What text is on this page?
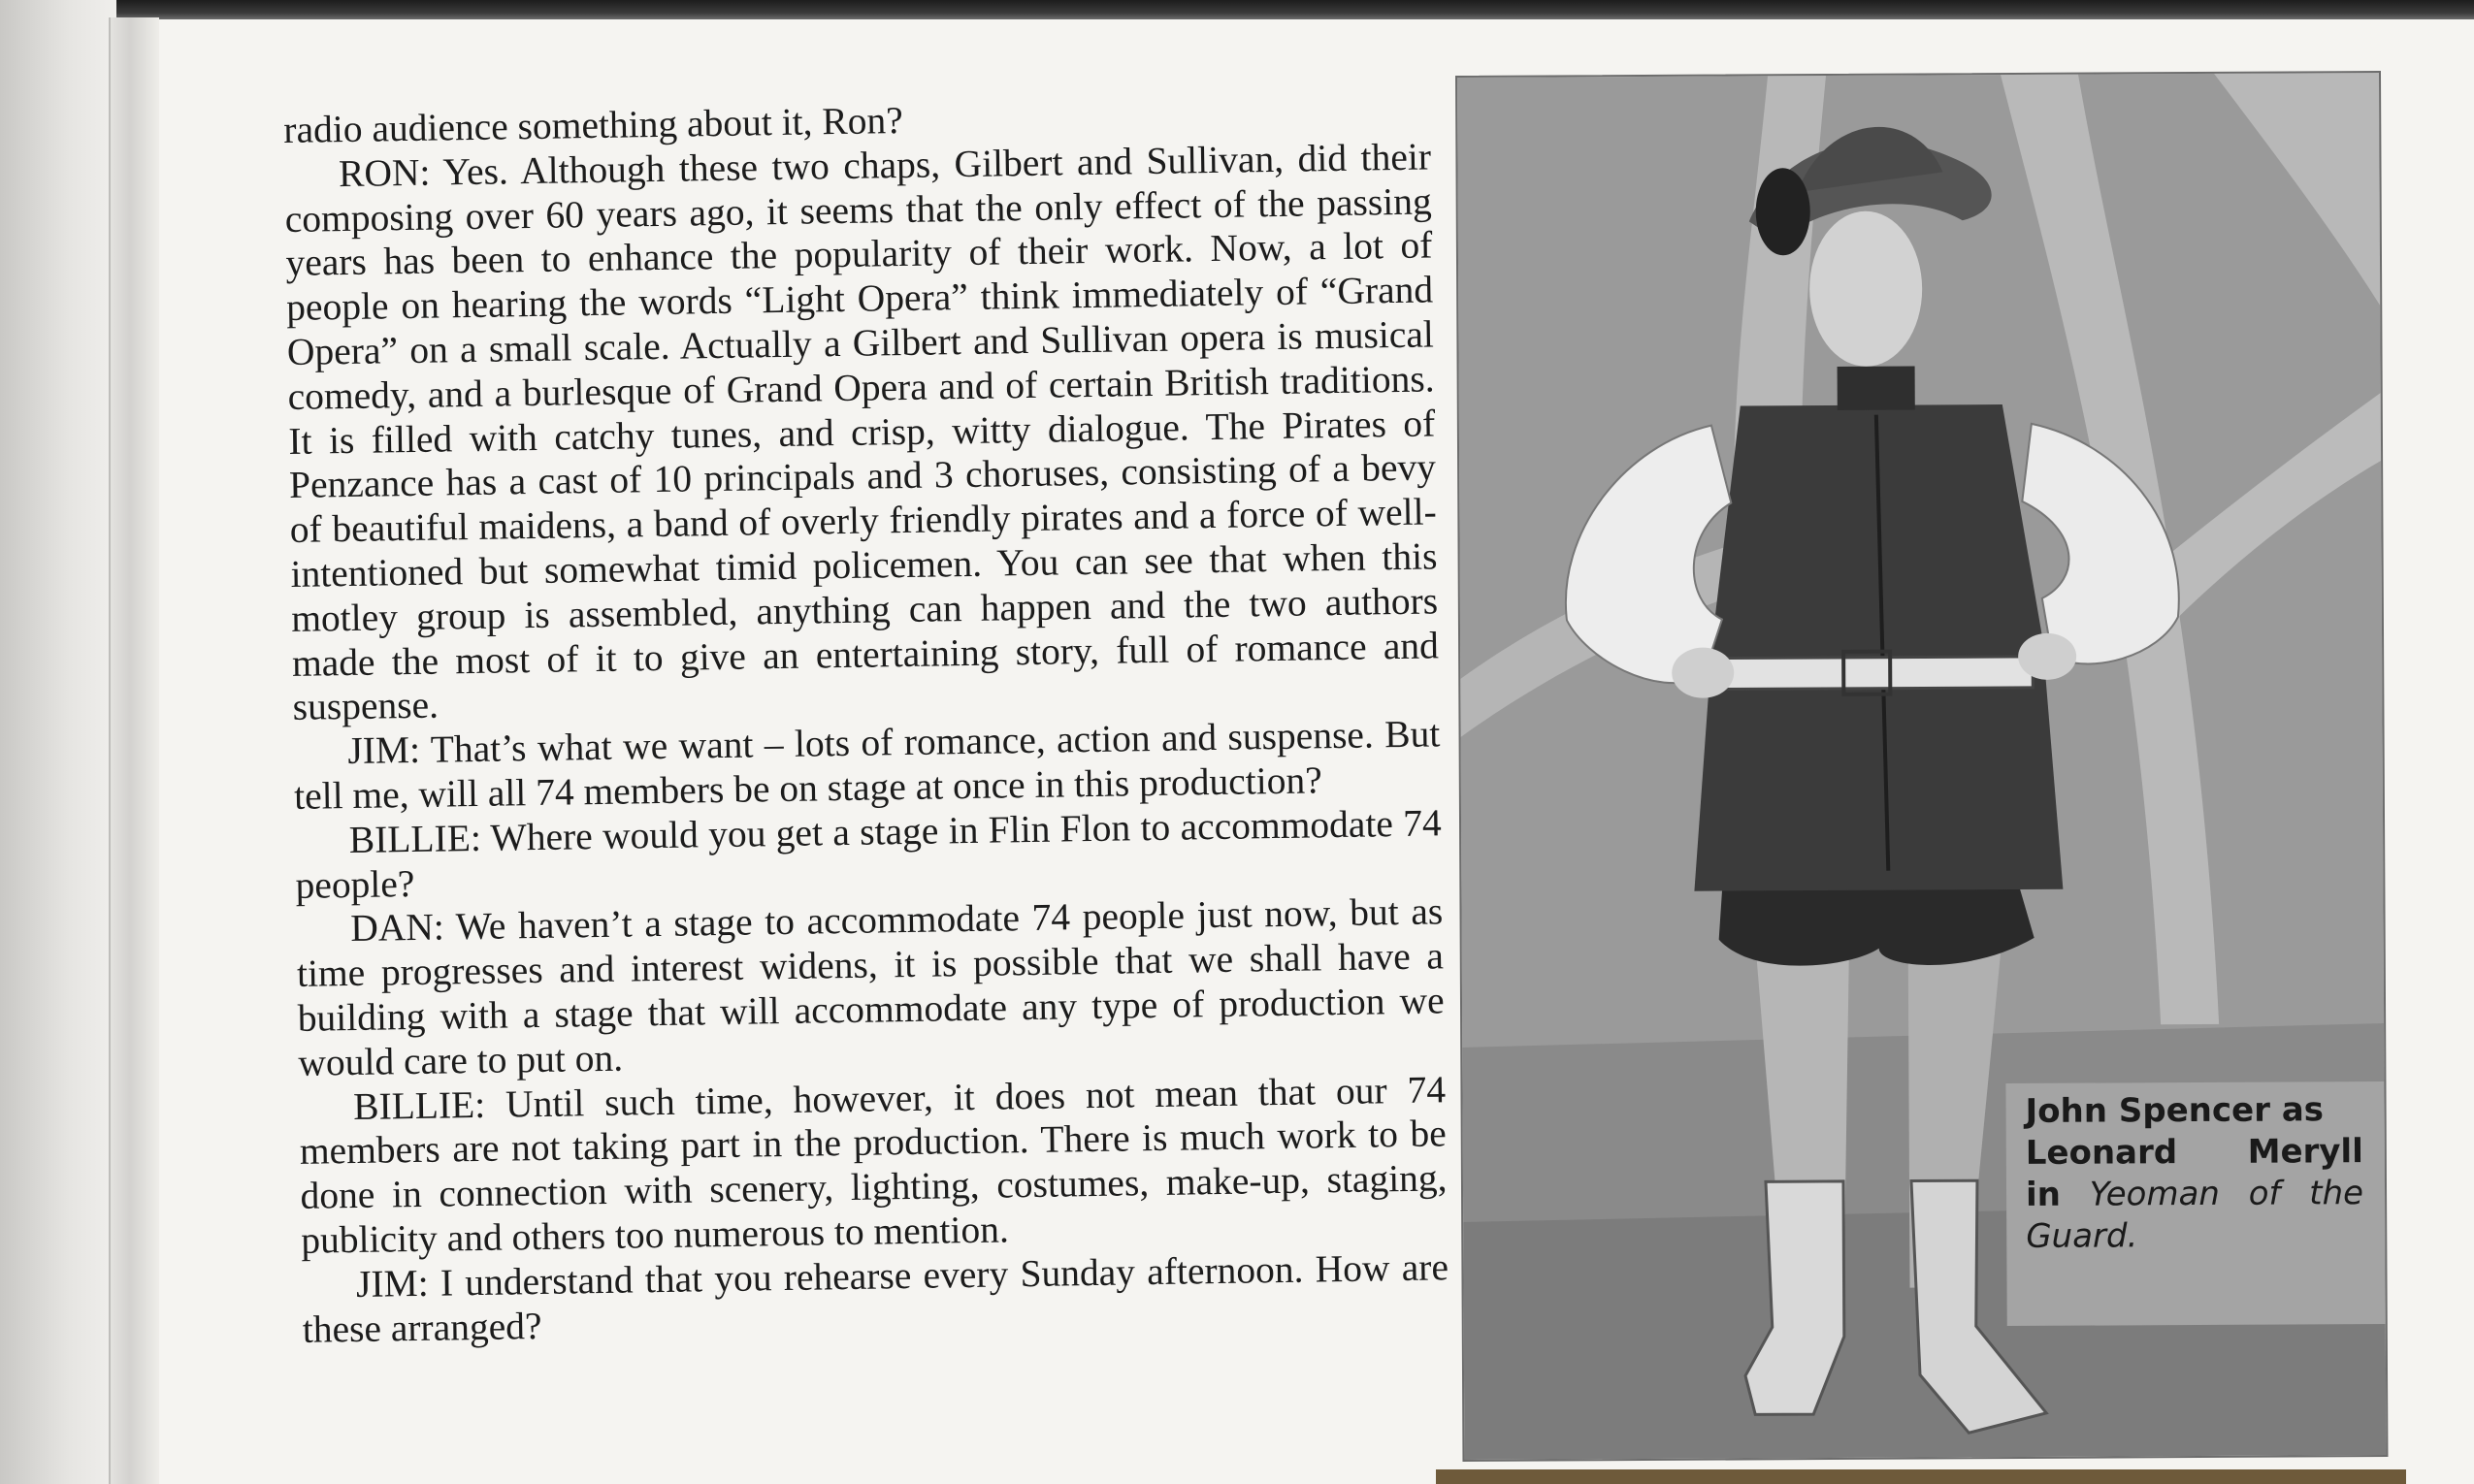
radio audience something about it, Ron?

RON: Yes. Although these two chaps, Gilbert and Sullivan, did their composing over 60 years ago, it seems that the only effect of the passing years has been to enhance the popularity of their work. Now, a lot of people on hearing the words “Light Opera” think immediately of “Grand Opera” on a small scale. Actually a Gilbert and Sullivan opera is musical comedy, and a burlesque of Grand Opera and of certain British traditions. It is filled with catchy tunes, and crisp, witty dialogue. The Pirates of Penzance has a cast of 10 principals and 3 choruses, consisting of a bevy of beautiful maidens, a band of overly friendly pirates and a force of well-intentioned but somewhat timid policemen. You can see that when this motley group is assembled, anything can happen and the two authors made the most of it to give an entertaining story, full of romance and suspense.

JIM: That’s what we want – lots of romance, action and suspense. But tell me, will all 74 members be on stage at once in this production?

BILLIE: Where would you get a stage in Flin Flon to accommodate 74 people?

DAN: We haven’t a stage to accommodate 74 people just now, but as time progresses and interest widens, it is possible that we shall have a building with a stage that will accommodate any type of production we would care to put on.

BILLIE: Until such time, however, it does not mean that our 74 members are not taking part in the production. There is much work to be done in connection with scenery, lighting, costumes, make-up, staging, publicity and others too numerous to mention.

JIM: I understand that you rehearse every Sunday afternoon. How are these arranged?

John Spencer as
Leonard Meryll
in Yeoman of the
Guard.
